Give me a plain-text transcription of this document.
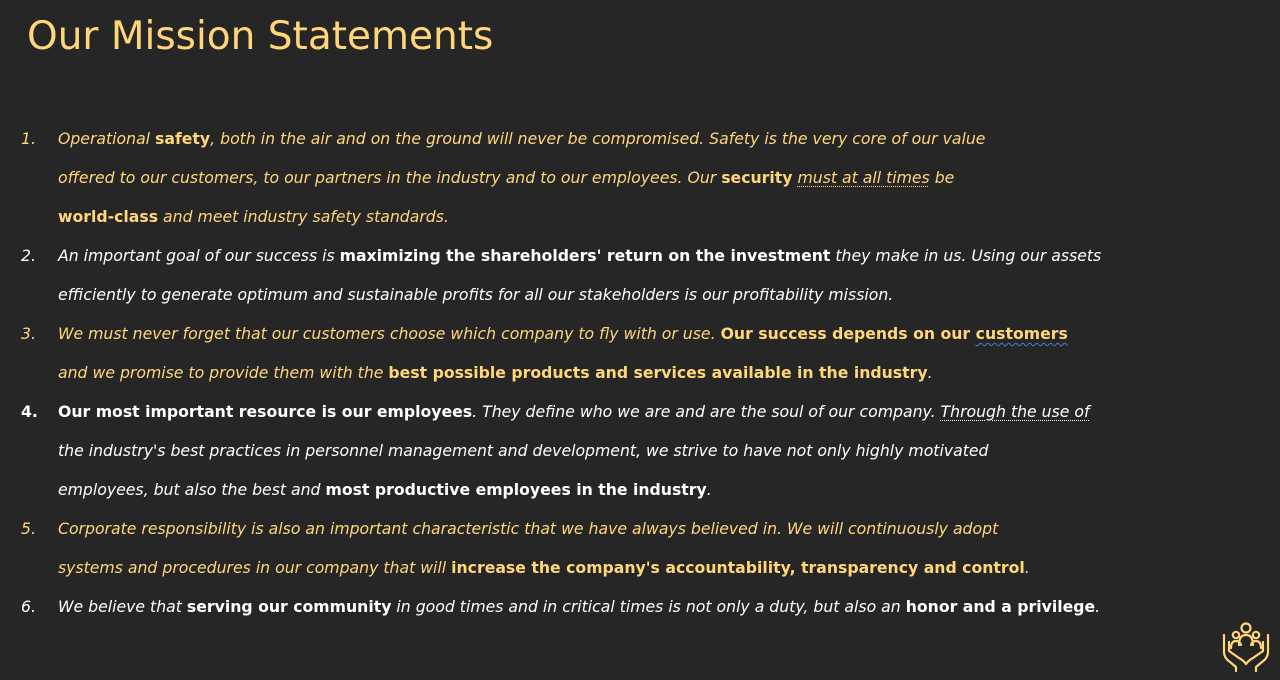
Our Mission Statements
1. Operational safety, both in the air and on the ground will never be compromised. Safety is the very core of our value
offered to our customers, to our partners in the industry and to our employees. Our security must at all times be
world-class and meet industry safety standards.
2. An important goal of our success is maximizing the shareholders' return on the investment they make in us. Using our assets
efficiently to generate optimum and sustainable profits for all our stakeholders is our profitability mission.
3. We must never forget that our customers choose which company to fly with or use. Our success depends on our customers
and we promise to provide them with the best possible products and services available in the industry.
4. Our most important resource is our employees. They define who we are and are the soul of our company. Through the use of
the industry's best practices in personnel management and development, we strive to have not only highly motivated
employees, but also the best and most productive employees in the industry.
5. Corporate responsibility is also an important characteristic that we have always believed in. We will continuously adopt
systems and procedures in our company that will increase the company's accountability, transparency and control.
6. We believe that serving our community in good times and in critical times is not only a duty, but also an honor and a privilege.
